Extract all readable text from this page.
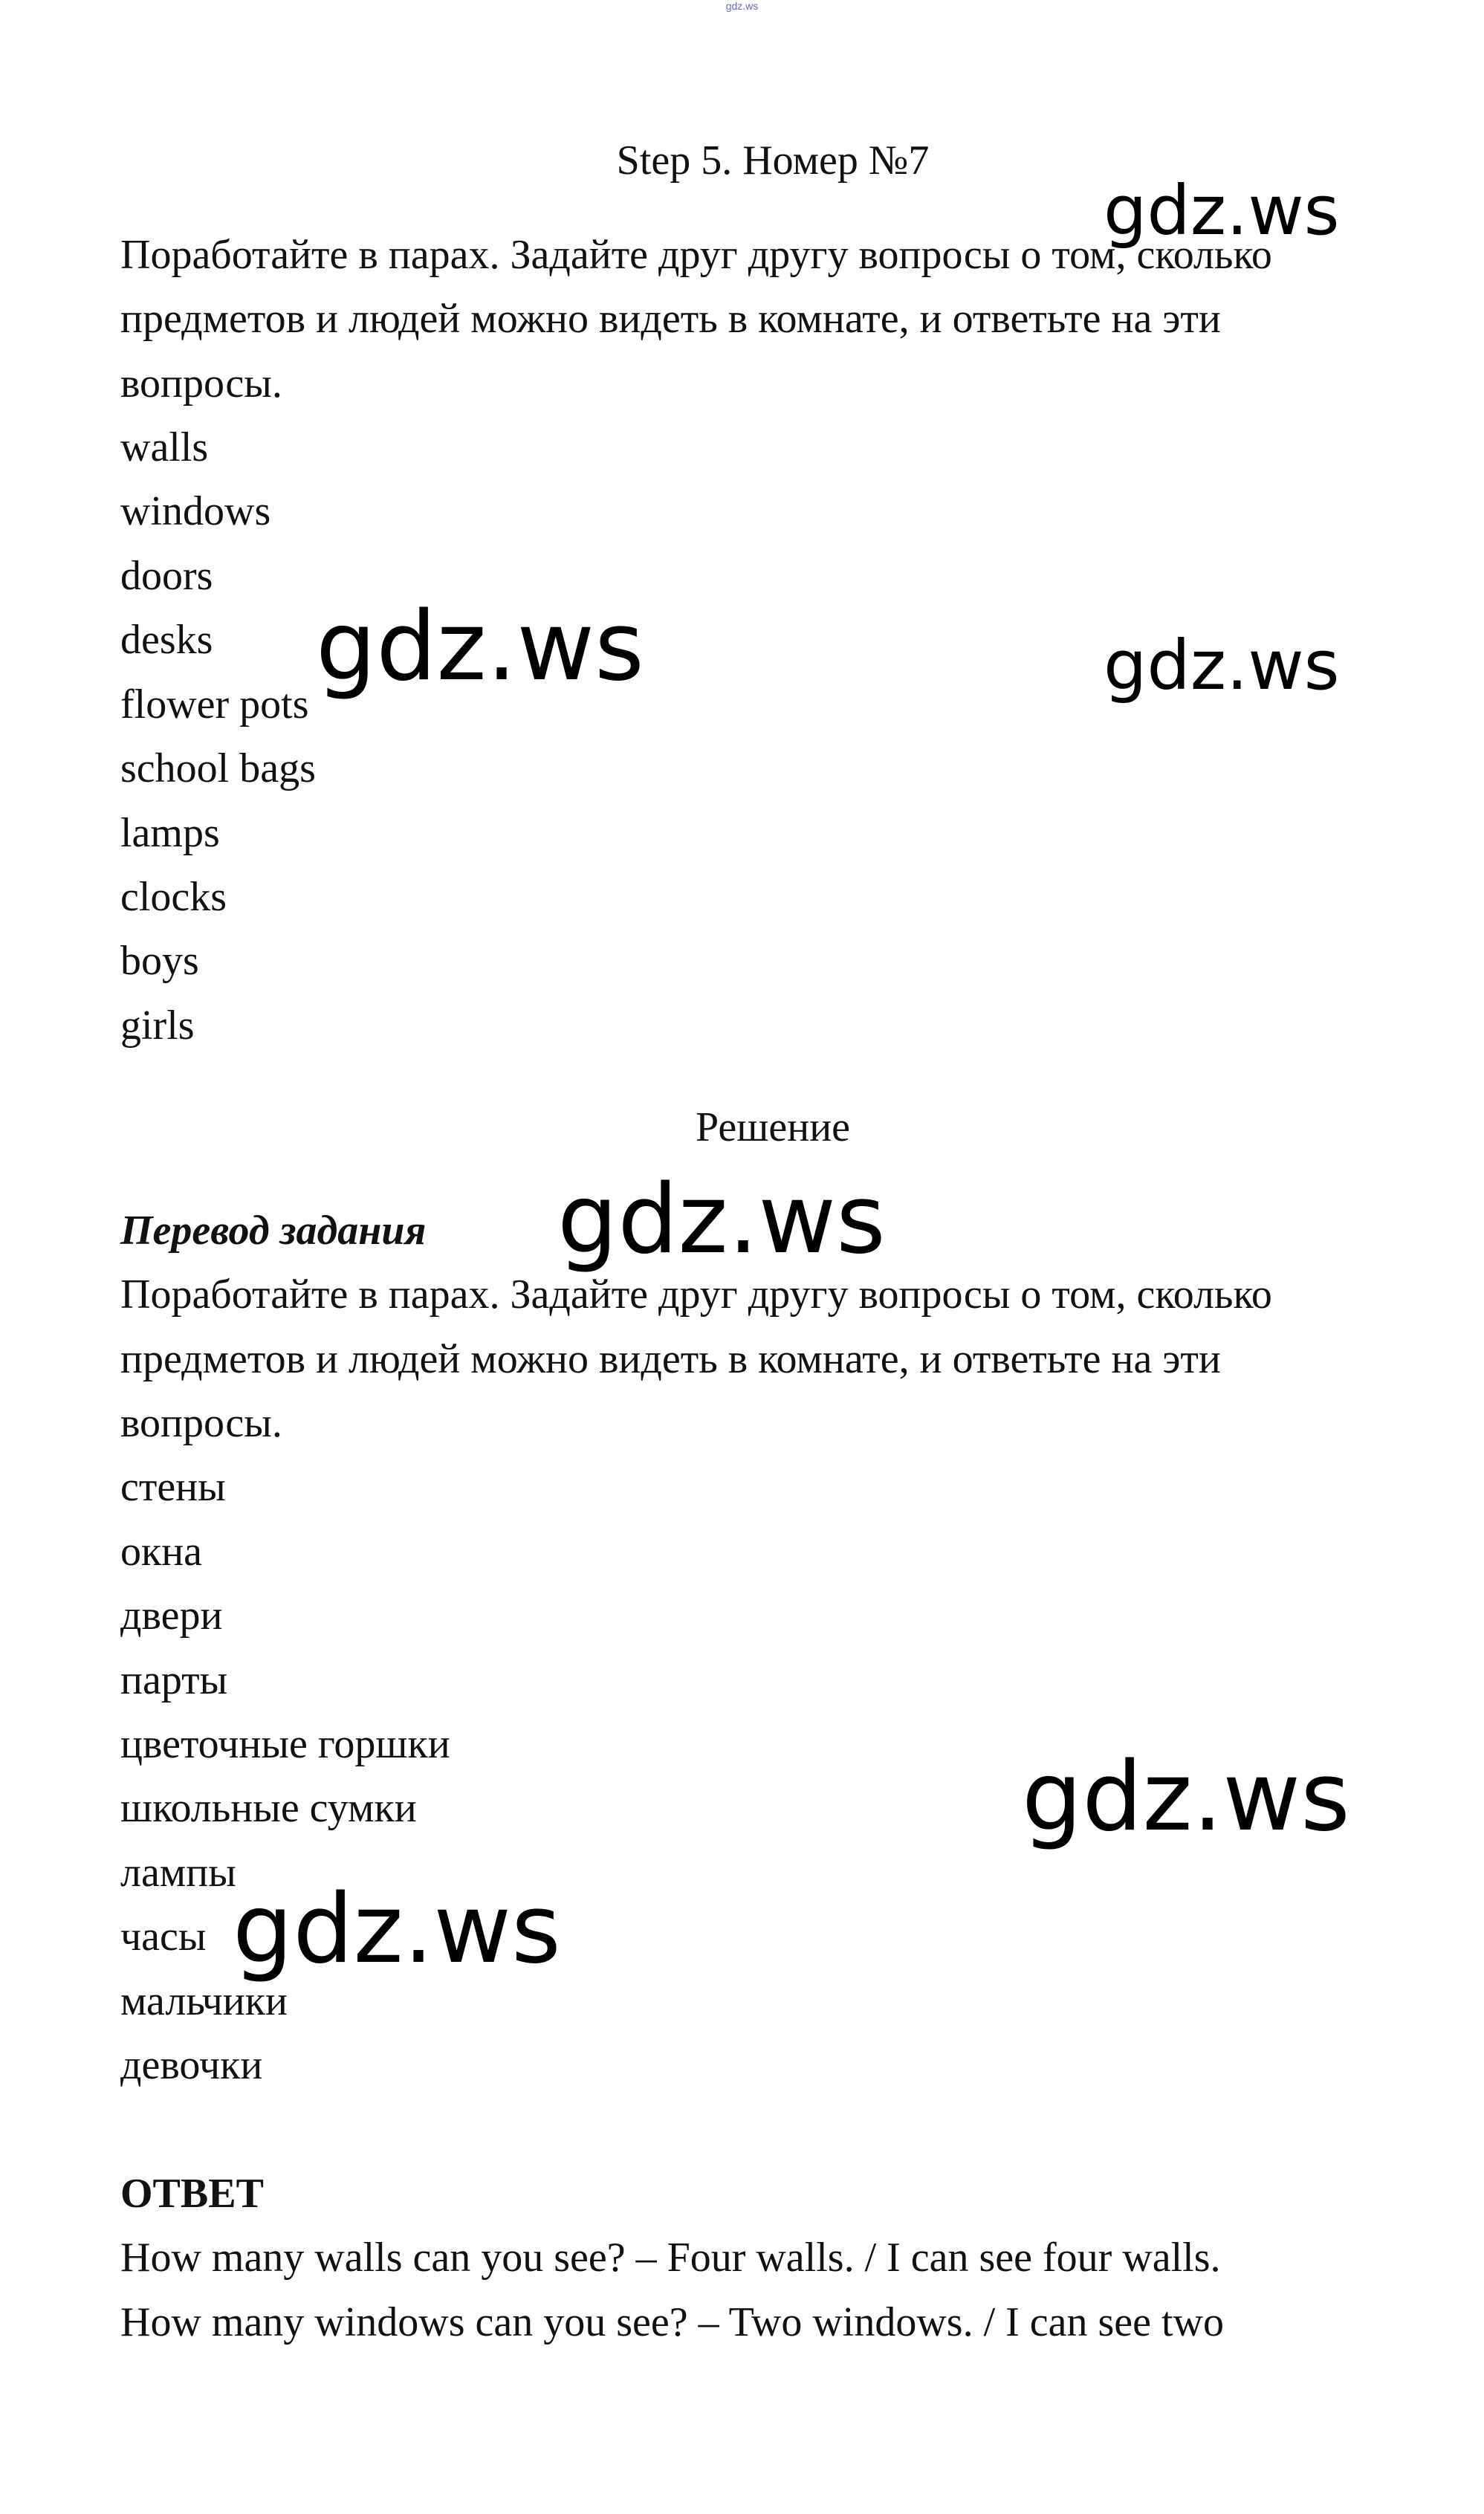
gdz.ws
Step 5. Номер №7
Поработайте в парах. Задайте друг другу вопросы о том, сколько
предметов и людей можно видеть в комнате, и ответьте на эти
вопросы.
walls
windows
doors
desks
flower pots
school bags
lamps
clocks
boys
girls
Решение
Перевод задания
Поработайте в парах. Задайте друг другу вопросы о том, сколько
предметов и людей можно видеть в комнате, и ответьте на эти
вопросы.
стены
окна
двери
парты
цветочные горшки
школьные сумки
лампы
часы
мальчики
девочки
ОТВЕТ
How many walls can you see? – Four walls. / I can see four walls.
How many windows can you see? – Two windows. / I can see two
gdz.ws
gdz.ws	gdz.ws
gdz.ws
gdz.ws
gdz.ws
